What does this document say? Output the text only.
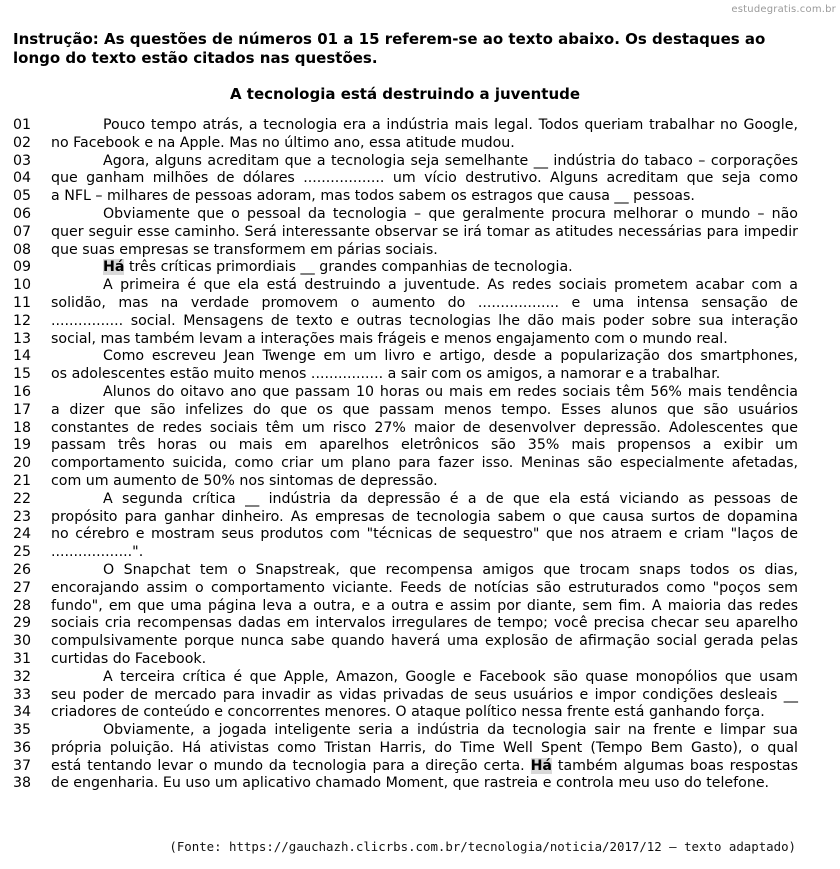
estudegratis.com.br
Instrução: As questões de números 01 a 15 referem-se ao texto abaixo. Os destaques ao longo do texto estão citados nas questões.
A tecnologia está destruindo a juventude
01	Pouco tempo atrás, a tecnologia era a indústria mais legal. Todos queriam trabalhar no Google,
02	no Facebook e na Apple. Mas no último ano, essa atitude mudou.
03	Agora, alguns acreditam que a tecnologia seja semelhante __ indústria do tabaco – corporações
04	que ganham milhões de dólares .................. um vício destrutivo. Alguns acreditam que seja como
05	a NFL – milhares de pessoas adoram, mas todos sabem os estragos que causa __ pessoas.
06	Obviamente que o pessoal da tecnologia – que geralmente procura melhorar o mundo – não
07	quer seguir esse caminho. Será interessante observar se irá tomar as atitudes necessárias para impedir
08	que suas empresas se transformem em párias sociais.
09	Há três críticas primordiais __ grandes companhias de tecnologia.
10	A primeira é que ela está destruindo a juventude. As redes sociais prometem acabar com a
11	solidão, mas na verdade promovem o aumento do .................. e uma intensa sensação de
12	................ social. Mensagens de texto e outras tecnologias lhe dão mais poder sobre sua interação
13	social, mas também levam a interações mais frágeis e menos engajamento com o mundo real.
14	Como escreveu Jean Twenge em um livro e artigo, desde a popularização dos smartphones,
15	os adolescentes estão muito menos ................ a sair com os amigos, a namorar e a trabalhar.
16	Alunos do oitavo ano que passam 10 horas ou mais em redes sociais têm 56% mais tendência
17	a dizer que são infelizes do que os que passam menos tempo. Esses alunos que são usuários
18	constantes de redes sociais têm um risco 27% maior de desenvolver depressão. Adolescentes que
19	passam três horas ou mais em aparelhos eletrônicos são 35% mais propensos a exibir um
20	comportamento suicida, como criar um plano para fazer isso. Meninas são especialmente afetadas,
21	com um aumento de 50% nos sintomas de depressão.
22	A segunda crítica __ indústria da depressão é a de que ela está viciando as pessoas de
23	propósito para ganhar dinheiro. As empresas de tecnologia sabem o que causa surtos de dopamina
24	no cérebro e mostram seus produtos com "técnicas de sequestro" que nos atraem e criam "laços de
25	..................".
26	O Snapchat tem o Snapstreak, que recompensa amigos que trocam snaps todos os dias,
27	encorajando assim o comportamento viciante. Feeds de notícias são estruturados como "poços sem
28	fundo", em que uma página leva a outra, e a outra e assim por diante, sem fim. A maioria das redes
29	sociais cria recompensas dadas em intervalos irregulares de tempo; você precisa checar seu aparelho
30	compulsivamente porque nunca sabe quando haverá uma explosão de afirmação social gerada pelas
31	curtidas do Facebook.
32	A terceira crítica é que Apple, Amazon, Google e Facebook são quase monopólios que usam
33	seu poder de mercado para invadir as vidas privadas de seus usuários e impor condições desleais __
34	criadores de conteúdo e concorrentes menores. O ataque político nessa frente está ganhando força.
35	Obviamente, a jogada inteligente seria a indústria da tecnologia sair na frente e limpar sua
36	própria poluição. Há ativistas como Tristan Harris, do Time Well Spent (Tempo Bem Gasto), o qual
37	está tentando levar o mundo da tecnologia para a direção certa. Há também algumas boas respostas
38	de engenharia. Eu uso um aplicativo chamado Moment, que rastreia e controla meu uso do telefone.
(Fonte: https://gauchazh.clicrbs.com.br/tecnologia/noticia/2017/12 – texto adaptado)
